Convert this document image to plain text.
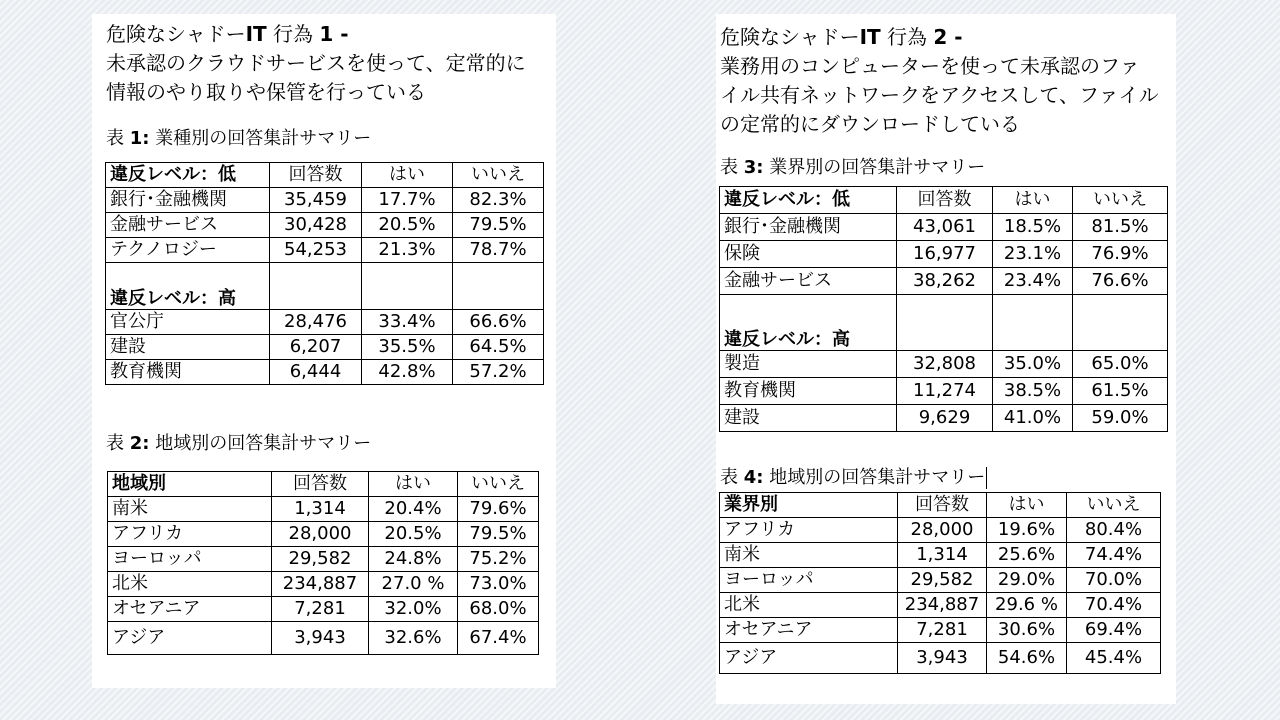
危険なシャドーIT 行為 1 -
未承認のクラウドサービスを使って、定常的に
情報のやり取りや保管を行っている

表 1: 業種別の回答集計サマリー

違反レベル：低	回答数	はい	いいえ
銀行･金融機関	35,459	17.7%	82.3%
金融サービス	30,428	20.5%	79.5%
テクノロジー	54,253	21.3%	78.7%
違反レベル：高			
官公庁	28,476	33.4%	66.6%
建設	6,207	35.5%	64.5%
教育機関	6,444	42.8%	57.2%

表 2: 地域別の回答集計サマリー

地域別	回答数	はい	いいえ
南米	1,314	20.4%	79.6%
アフリカ	28,000	20.5%	79.5%
ヨーロッパ	29,582	24.8%	75.2%
北米	234,887	27.0 %	73.0%
オセアニア	7,281	32.0%	68.0%
アジア	3,943	32.6%	67.4%
危険なシャドーIT 行為 2 -
業務用のコンピューターを使って未承認のファ
イル共有ネットワークをアクセスして、ファイル
の定常的にダウンロードしている

表 3: 業界別の回答集計サマリー

違反レベル：低	回答数	はい	いいえ
銀行･金融機関	43,061	18.5%	81.5%
保険	16,977	23.1%	76.9%
金融サービス	38,262	23.4%	76.6%
違反レベル：高			
製造	32,808	35.0%	65.0%
教育機関	11,274	38.5%	61.5%
建設	9,629	41.0%	59.0%

表 4: 地域別の回答集計サマリー

業界別	回答数	はい	いいえ
アフリカ	28,000	19.6%	80.4%
南米	1,314	25.6%	74.4%
ヨーロッパ	29,582	29.0%	70.0%
北米	234,887	29.6 %	70.4%
オセアニア	7,281	30.6%	69.4%
アジア	3,943	54.6%	45.4%
